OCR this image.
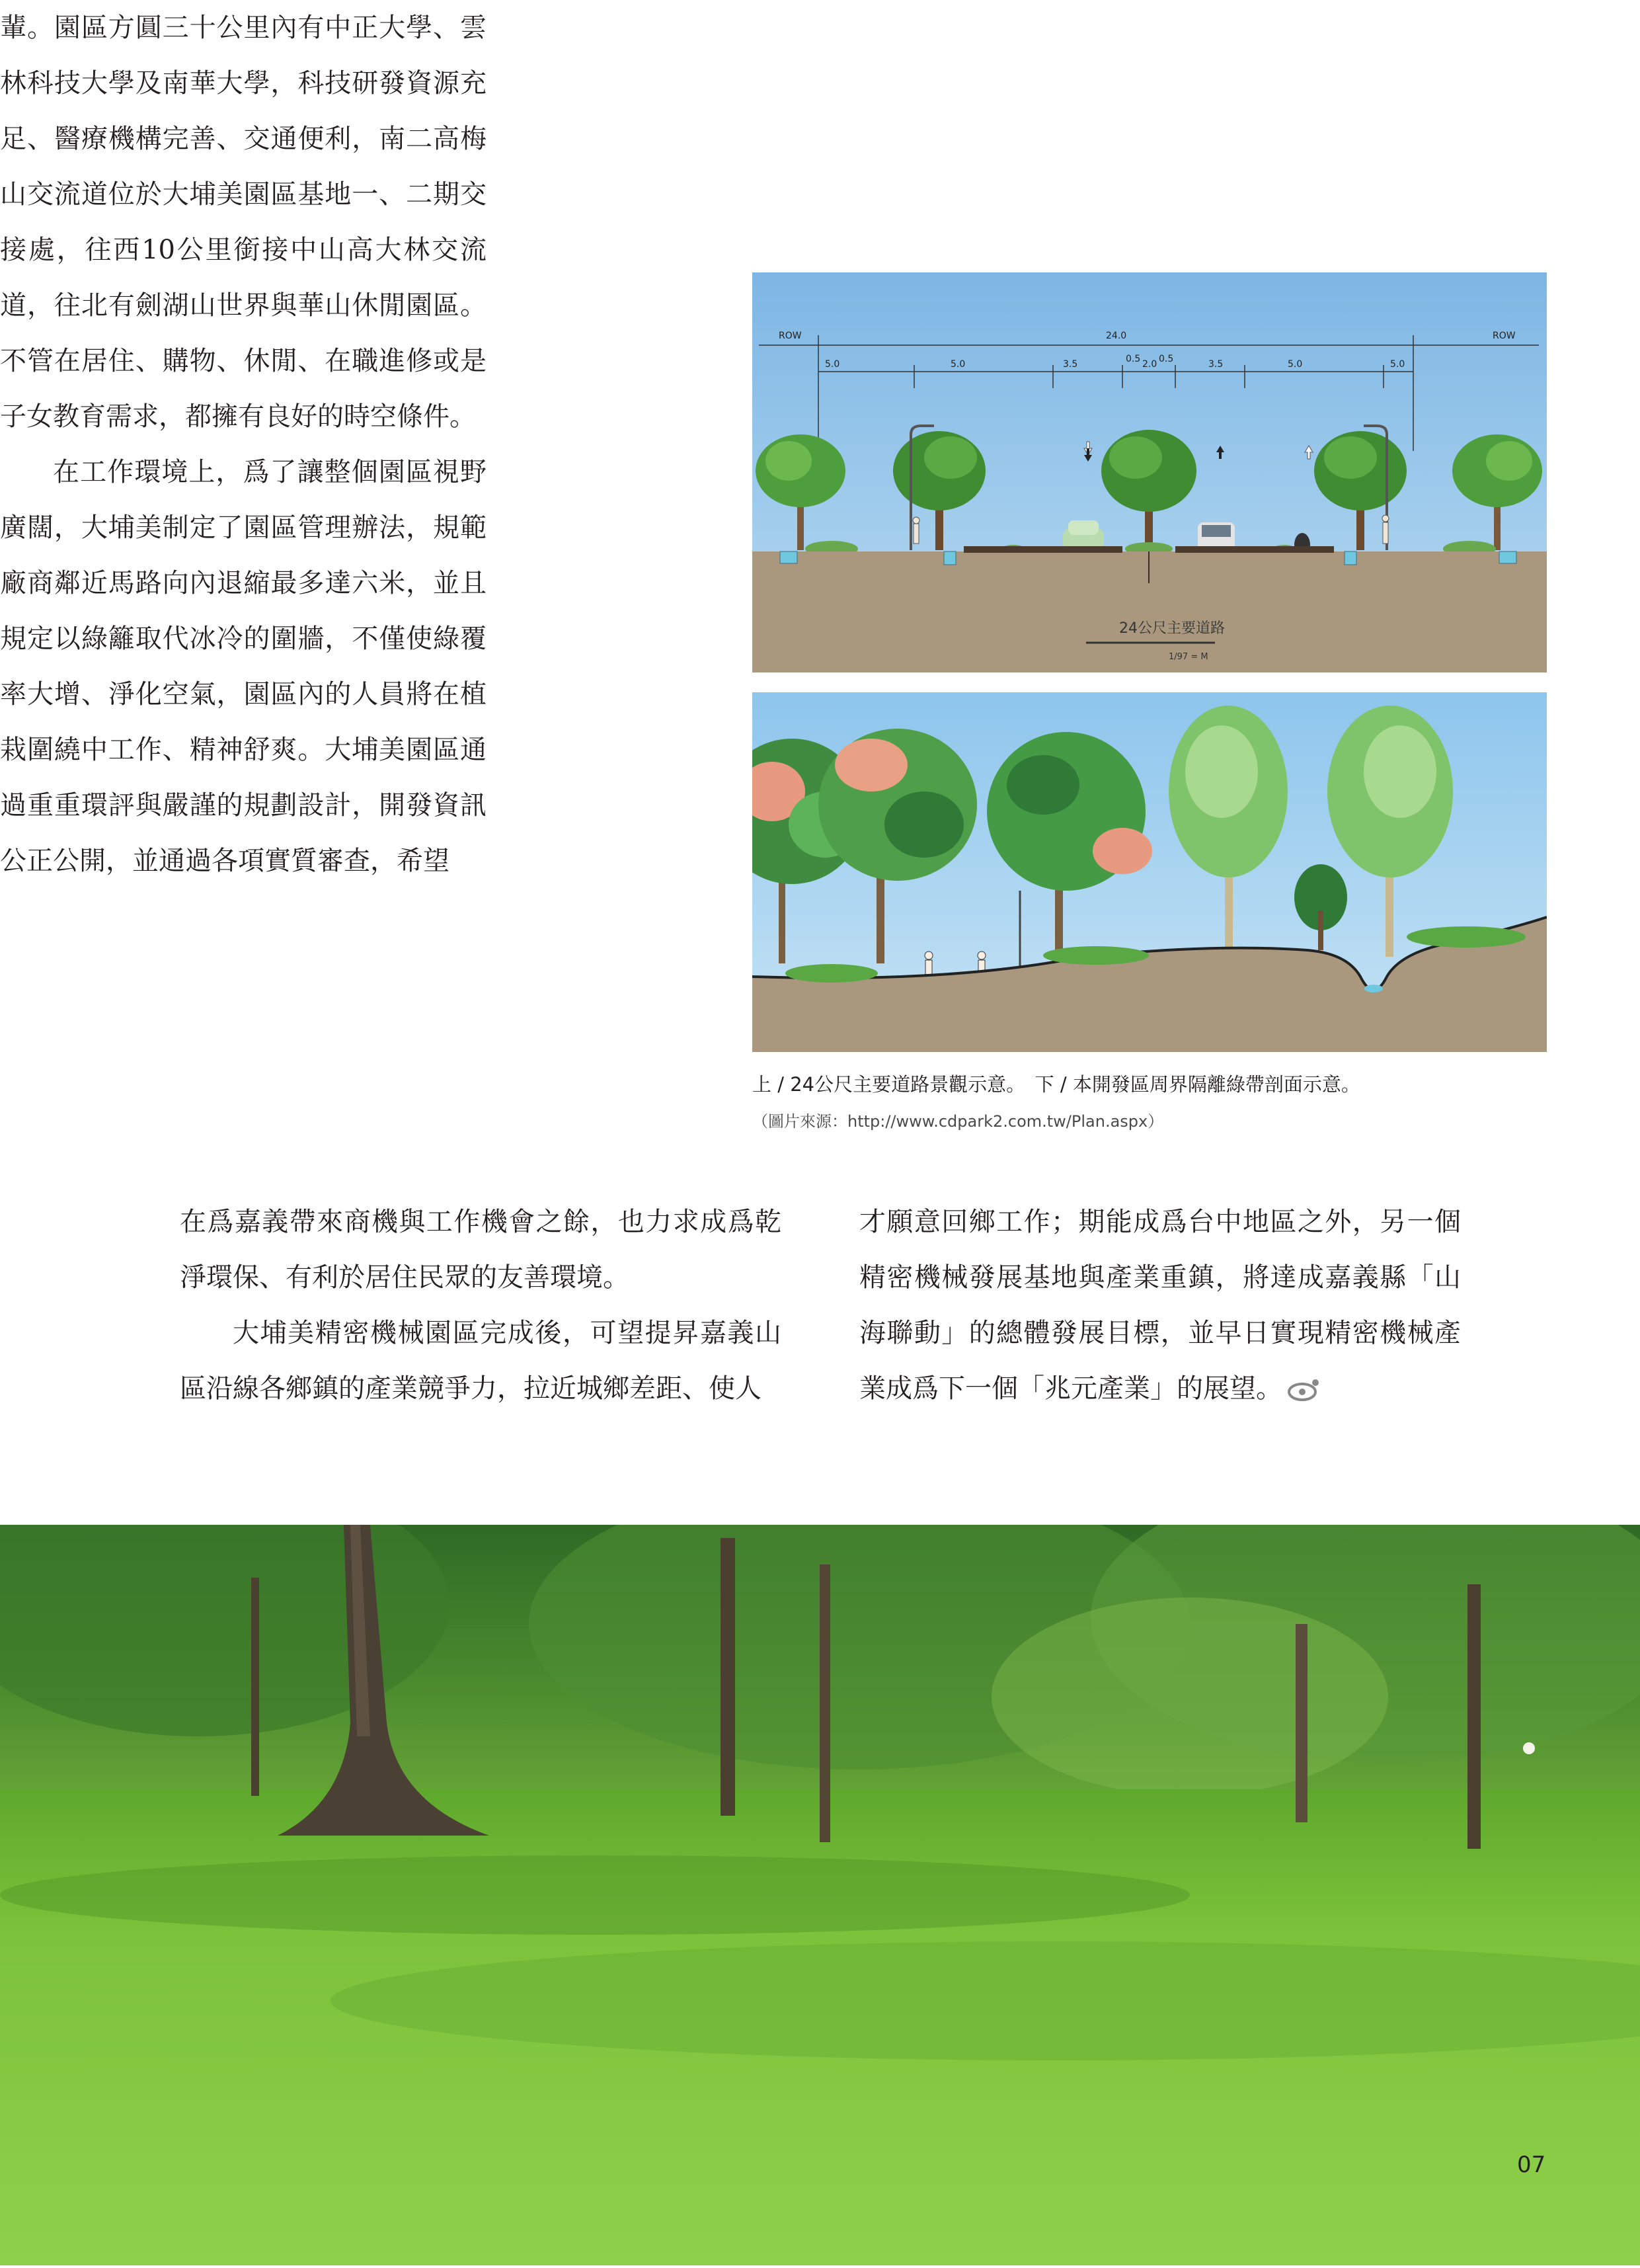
輩。園區方圓三十公里內有中正大學、雲林科技大學及南華大學，科技研發資源充足、醫療機構完善、交通便利，南二高梅山交流道位於大埔美園區基地一、二期交接處，往西10公里銜接中山高大林交流道，往北有劍湖山世界與華山休閒園區。不管在居住、購物、休閒、在職進修或是子女教育需求，都擁有良好的時空條件。

在工作環境上，爲了讓整個園區視野廣闊，大埔美制定了園區管理辦法，規範廠商鄰近馬路向內退縮最多達六米，並且規定以綠籬取代冰冷的圍牆，不僅使綠覆率大增、淨化空氣，園區內的人員將在植栽圍繞中工作、精神舒爽。大埔美園區通過重重環評與嚴謹的規劃設計，開發資訊公正公開，並通過各項實質審查，希望

ROW	ROW
24.0
5.0	5.0	3.5	0.5 2.0 0.5	3.5	5.0	5.0
24公尺主要道路
1/97 = M
上 / 24公尺主要道路景觀示意。　下 / 本開發區周界隔離綠帶剖面示意。
（圖片來源：http://www.cdpark2.com.tw/Plan.aspx）

在爲嘉義帶來商機與工作機會之餘，也力求成爲乾淨環保、有利於居住民眾的友善環境。

大埔美精密機械園區完成後，可望提昇嘉義山區沿線各鄉鎮的產業競爭力，拉近城鄉差距、使人

才願意回鄉工作；期能成爲台中地區之外，另一個精密機械發展基地與產業重鎮，將達成嘉義縣「山海聯動」的總體發展目標，並早日實現精密機械產業成爲下一個「兆元產業」的展望。

07
